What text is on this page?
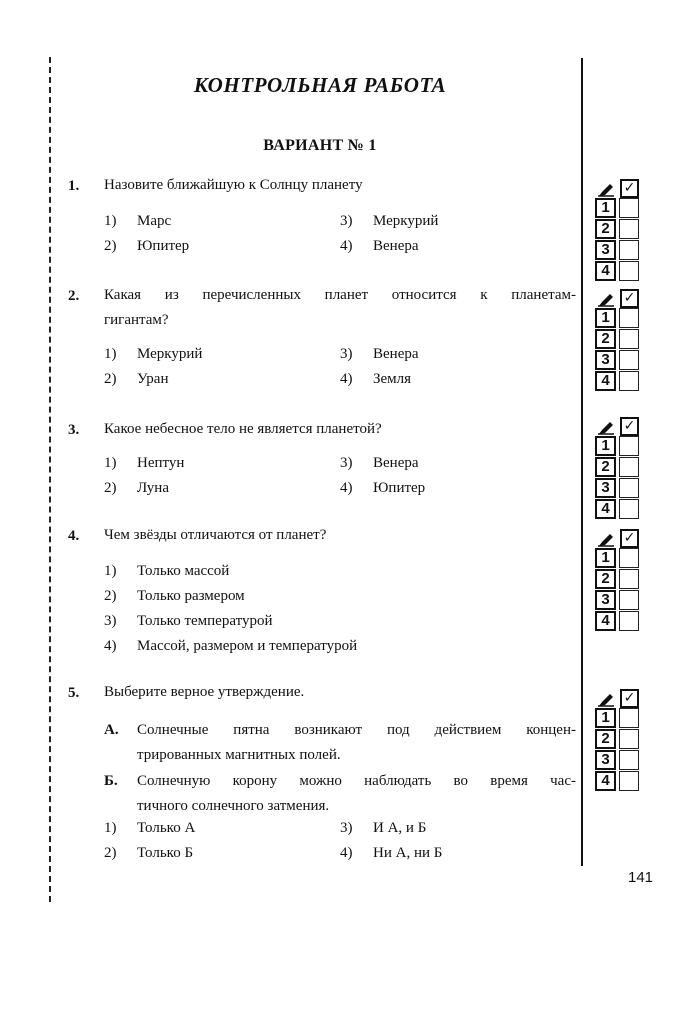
КОНТРОЛЬНАЯ РАБОТА
ВАРИАНТ № 1
1. Назовите ближайшую к Солнцу планету
1) Марс
2) Юпитер
3) Меркурий
4) Венера
2. Какая из перечисленных планет относится к планетам-
гигантам?
1) Меркурий
2) Уран
3) Венера
4) Земля
3. Какое небесное тело не является планетой?
1) Нептун
2) Луна
3) Венера
4) Юпитер
4. Чем звёзды отличаются от планет?
1) Только массой
2) Только размером
3) Только температурой
4) Массой, размером и температурой
5. Выберите верное утверждение.
А. Солнечные пятна возникают под действием концен-
трированных магнитных полей.
Б. Солнечную корону можно наблюдать во время час-
тичного солнечного затмения.
1) Только А
2) Только Б
3) И А, и Б
4) Ни А, ни Б
✓
1
2
3
4
✓
1
2
3
4
✓
1
2
3
4
✓
1
2
3
4
✓
1
2
3
4
141
